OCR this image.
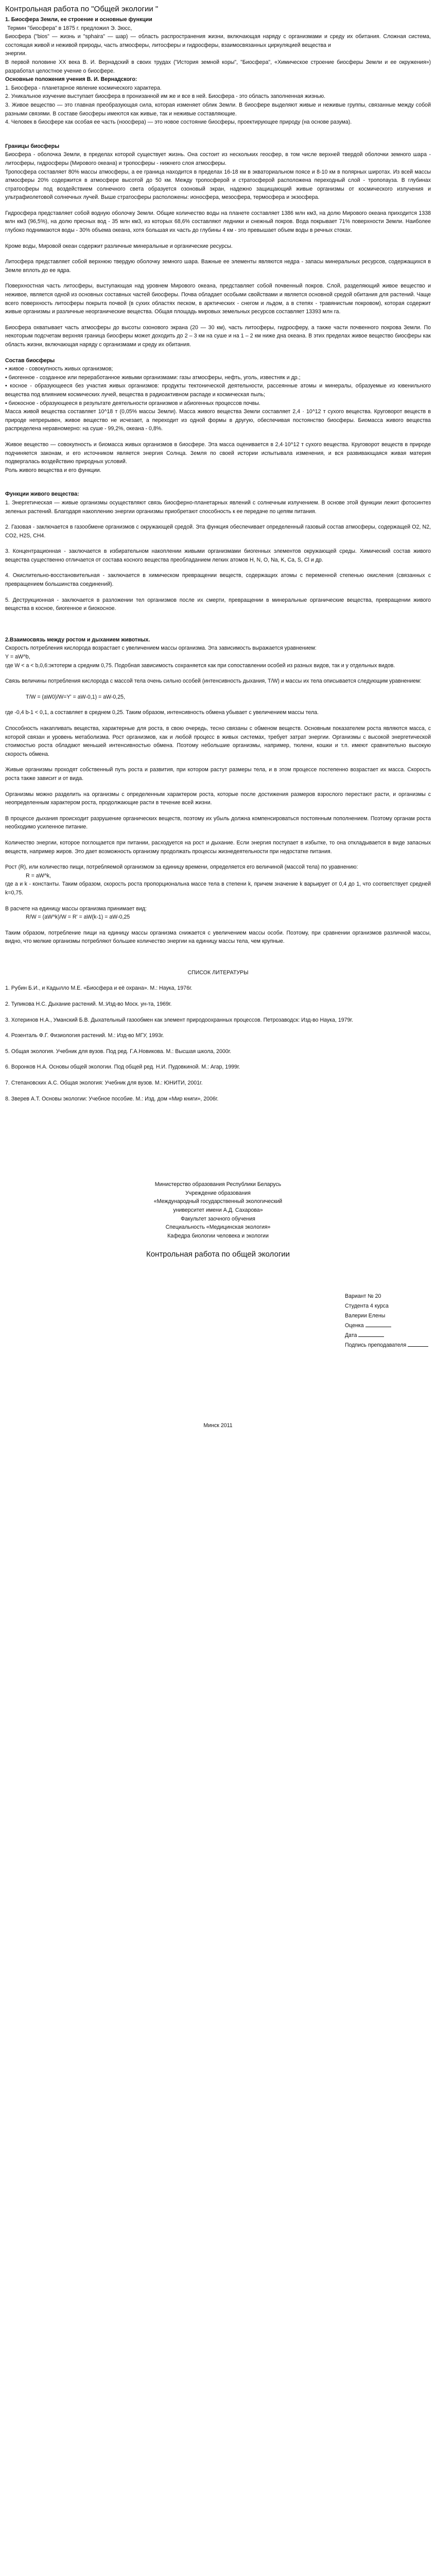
Контрольная работа по "Общей экологии "

1. Биосфера Земли, ее строение и основные функции

Термин "биосфера" в 1875 г. предложил Э. Зюсс,

Биосфера ("bios" — жизнь и "sphaira" — шар) — область распространения жизни, включающая наряду с организмами и среду их обитания. Сложная система, состоящая живой и неживой природы, часть атмосферы, литосферы и гидросферы, взаимосвязанных циркуляцией вещества и

энергии.

В первой половине XX века В. И. Вернадский в своих трудах ("История земной коры", "Биосфера", «Химическое строение биосферы Земли и ее окружения») разработал целостное учение о биосфере.

Основные положения учения В. И. Вернадского:

1. Биосфера - планетарное явление космического характера.

2. Уникальное изучение выступает биосфера в пронизанной им же и все в ней. Биосфера - это область заполненная жизнью.

3. Живое вещество — это главная преобразующая сила, которая изменяет облик Земли. В биосфере выделяют живые и неживые группы, связанные между собой разными связями. В составе биосферы имеются как живые, так и неживые составляющие.

4. Человек в биосфере как особая ее часть (ноосфера) — это новое состояние биосферы, проектирующее природу (на основе разума).

Границы биосферы

Биосфера - оболочка Земли, в пределах которой существует жизнь. Она состоит из нескольких геосфер, в том числе верхней твердой оболочки земного шара - литосферы, гидросферы (Мирового океана) и тропосферы - нижнего слоя атмосферы.

Тропосфера составляет 80% массы атмосферы, а ее граница находится в пределах 16-18 км в экваториальном поясе и 8-10 км в полярных широтах. Из всей массы атмосферы 20% содержится в атмосфере высотой до 50 км. Между тропосферой и стратосферой расположена переходный слой - тропопауза. В глубинах стратосферы под воздействием солнечного света образуется озоновый экран, надежно защищающий живые организмы от космического излучения и ультрафиолетовой солнечных лучей. Выше стратосферы расположены: ионосфера, мезосфера, термосфера и экзосфера.

Гидросфера представляет собой водную оболочку Земли. Общие количество воды на планете составляет 1386 млн км3, на долю Мирового океана приходится 1338 млн км3 (96,5%), на долю пресных вод - 35 млн км3, из которых 68,6% составляют ледники и снежный покров. Вода покрывает 71% поверхности Земли. Наиболее глубоко поднимаются воды - 30% объема океана, хотя большая их часть до глубины 4 км - это превышает объем воды в речных стоках.

Кроме воды, Мировой океан содержит различные минеральные и органические ресурсы.

Литосфера представляет собой верхнюю твердую оболочку земного шара. Важные ее элементы являются недра - запасы минеральных ресурсов, содержащихся в Земле вплоть до ее ядра.

Поверхностная часть литосферы, выступающая над уровнем Мирового океана, представляет собой почвенный покров. Слой, разделяющий живое вещество и неживое, является одной из основных составных частей биосферы. Почва обладает особыми свойствами и является основной средой обитания для растений. Чаще всего поверхность литосферы покрыта почвой (в сухих областях песком, в арктических - снегом и льдом, а в степях - травянистым покровом), которая содержит живые организмы и различные неорганические вещества. Общая площадь мировых земельных ресурсов составляет 13393 млн га.

Биосфера охватывает часть атмосферы до высоты озонового экрана (20 — 30 км), часть литосферы, гидросферу, а также части почвенного покрова Земли. По некоторым подсчетам верхняя граница биосферы может доходить до 2 – 3 км на суше и на 1 – 2 км ниже дна океана. В этих пределах живое вещество биосферы как область жизни, включающая наряду с организмами и среду их обитания.

Состав биосферы

• живое - совокупность живых организмов;

• биогенное - созданное или переработанное живыми организмами: газы атмосферы, нефть, уголь, известняк и др.;

• косное - образующееся без участия живых организмов: продукты тектонической деятельности, рассеянные атомы и минералы, образуемые из ювенильного вещества под влиянием космических лучей, вещества в радиоактивном распаде и космическая пыль;

• биокосное - образующееся в результате деятельности организмов и абиогенных процессов почвы.

Масса живой вещества составляет 10^18 т (0,05% массы Земли). Масса живого вещества Земли составляет 2,4 · 10^12 т сухого вещества. Круговорот веществ в природе непрерывен, живое вещество не исчезает, а переходит из одной формы в другую, обеспечивая постоянство биосферы. Биомасса живого вещества распределена неравномерно: на суше - 99,2%, океана - 0,8%.

Живое вещество — совокупность и биомасса живых организмов в биосфере. Эта масса оценивается в 2,4·10^12 т сухого вещества. Круговорот веществ в природе подчиняется законам, и его источником является энергия Солнца. Земля по своей истории испытывала изменения, и вся развивающаяся живая материя подвергалась воздействию природных условий.

Роль живого вещества и его функции.

Функции живого вещества:

1. Энергетическая — живые организмы осуществляют связь биосферно-планетарных явлений с солнечным излучением. В основе этой функции лежит фотосинтез зеленых растений. Благодаря накоплению энергии организмы приобретают способность к ее передаче по цепям питания.

2. Газовая - заключается в газообмене организмов с окружающей средой. Эта функция обеспечивает определенный газовый состав атмосферы, содержащей O2, N2, CO2, H2S, CH4.

3. Концентрационная - заключается в избирательном накоплении живыми организмами биогенных элементов окружающей среды. Химический состав живого вещества существенно отличается от состава косного вещества преобладанием легких атомов H, N, O, Na, K, Ca, S, Cl и др.

4. Окислительно-восстановительная - заключается в химическом превращении веществ, содержащих атомы с переменной степенью окисления (связанных с превращением большинства соединений).

5. Деструкционная - заключается в разложении тел организмов после их смерти, превращении в минеральные органические вещества, превращении живого вещества в косное, биогенное и биокосное.

2.Взаимосвязь между ростом и дыханием животных.

Скорость потребления кислорода возрастает с увеличением массы организма. Эта зависимость выражается уравнением:

Y = aW^b,

где W < a < b,0,6:эктотерм а средним 0,75. Подобная зависимость сохраняется как при сопоставлении особей из разных видов, так и у отдельных видов.

Связь величины потребления кислорода с массой тела очень сильно особей (интенсивность дыхания, T/W) и массы их тела описывается следующим уравнением:

T/W = (aW0)/W=Y' = aW-0,1) = aW-0,25,

где -0,4 b-1 < 0,1, а составляет в среднем 0,25. Таким образом, интенсивность обмена убывает с увеличением массы тела.

Способность накапливать вещества, характерные для роста, в свою очередь, тесно связаны с обменом веществ. Основным показателем роста являются масса, с которой связан и уровень метаболизма. Рост организмов, как и любой процесс в живых системах, требует затрат энергии. Организмы с высокой энергетической стоимостью роста обладают меньшей интенсивностью обмена. Поэтому небольшие организмы, например, тюлени, кошки и т.п. имеют сравнительно высокую скорость обмена.

Живые организмы проходят собственный путь роста и развития, при котором растут размеры тела, и в этом процессе постепенно возрастает их масса. Скорость роста также зависит и от вида.

Организмы можно разделить на организмы с определенным характером роста, которые после достижения размеров взрослого перестают расти, и организмы с неопределенным характером роста, продолжающие расти в течение всей жизни.

В процессе дыхания происходит разрушение органических веществ, поэтому их убыль должна компенсироваться постоянным пополнением. Поэтому органам роста необходимо усиленное питание.

Количество энергии, которое поглощается при питании, расходуется на рост и дыхание. Если энергия поступает в избытке, то она откладывается в виде запасных веществ, например жиров. Это дает возможность организму продолжать процессы жизнедеятельности при недостатке питания.

Рост (R), или количество пищи, потребляемой организмом за единицу времени, определяется его величиной (массой тела) по уравнению:

R = aW^k,

где a и k - константы. Таким образом, скорость роста пропорциональна массе тела в степени k, причем значение k варьирует от 0,4 до 1, что соответствует средней k=0,75.

В расчете на единицу массы организма принимает вид:

R/W = (aW^k)/W = R' = aW(k-1) = aW-0,25

Таким образом, потребление пищи на единицу массы организма снижается с увеличением массы особи. Поэтому, при сравнении организмов различной массы, видно, что мелкие организмы потребляют большее количество энергии на единицу массы тела, чем крупные.

СПИСОК ЛИТЕРАТУРЫ

1. Рубин Б.И., и Кадылло М.Е. «Биосфера и её охрана». М.: Наука, 1976г.

2. Тупикова Н.С. Дыхание растений. М.:Изд-во Моск. ун-та, 1969г.

3. Хотеринов Н.А., Уманский Б.В. Дыхательный газообмен как элемент природоохранных процессов. Петрозаводск: Изд-во Наука, 1979г.

4. Розенталь Ф.Г. Физиология растений. М.: Изд-во МГУ, 1993г.

5. Общая экология. Учебник для вузов. Под ред. Г.А.Новикова. М.: Высшая школа, 2000г.

6. Воронков Н.А. Основы общей экологии. Под общей ред. Н.И. Пудовкиной. М.: Агар, 1999г.

7. Степановских А.С. Общая экология: Учебник для вузов. М.: ЮНИТИ, 2001г.

8. Зверев А.Т. Основы экологии: Учебное пособие. М.: Изд. дом «Мир книги», 2006г.

Министерство образования Республики Беларусь

Учреждение образования

«Международный государственный экологический

университет имени А.Д. Сахарова»

Факультет заочного обучения

Специальность «Медицинская экология»

Кафедра биологии человека и экологии

Контрольная работа по общей экологии

Вариант № 20

Студента 4 курса

Валерии Елены

Оценка

Дата

Подпись преподавателя

Минск 2011
